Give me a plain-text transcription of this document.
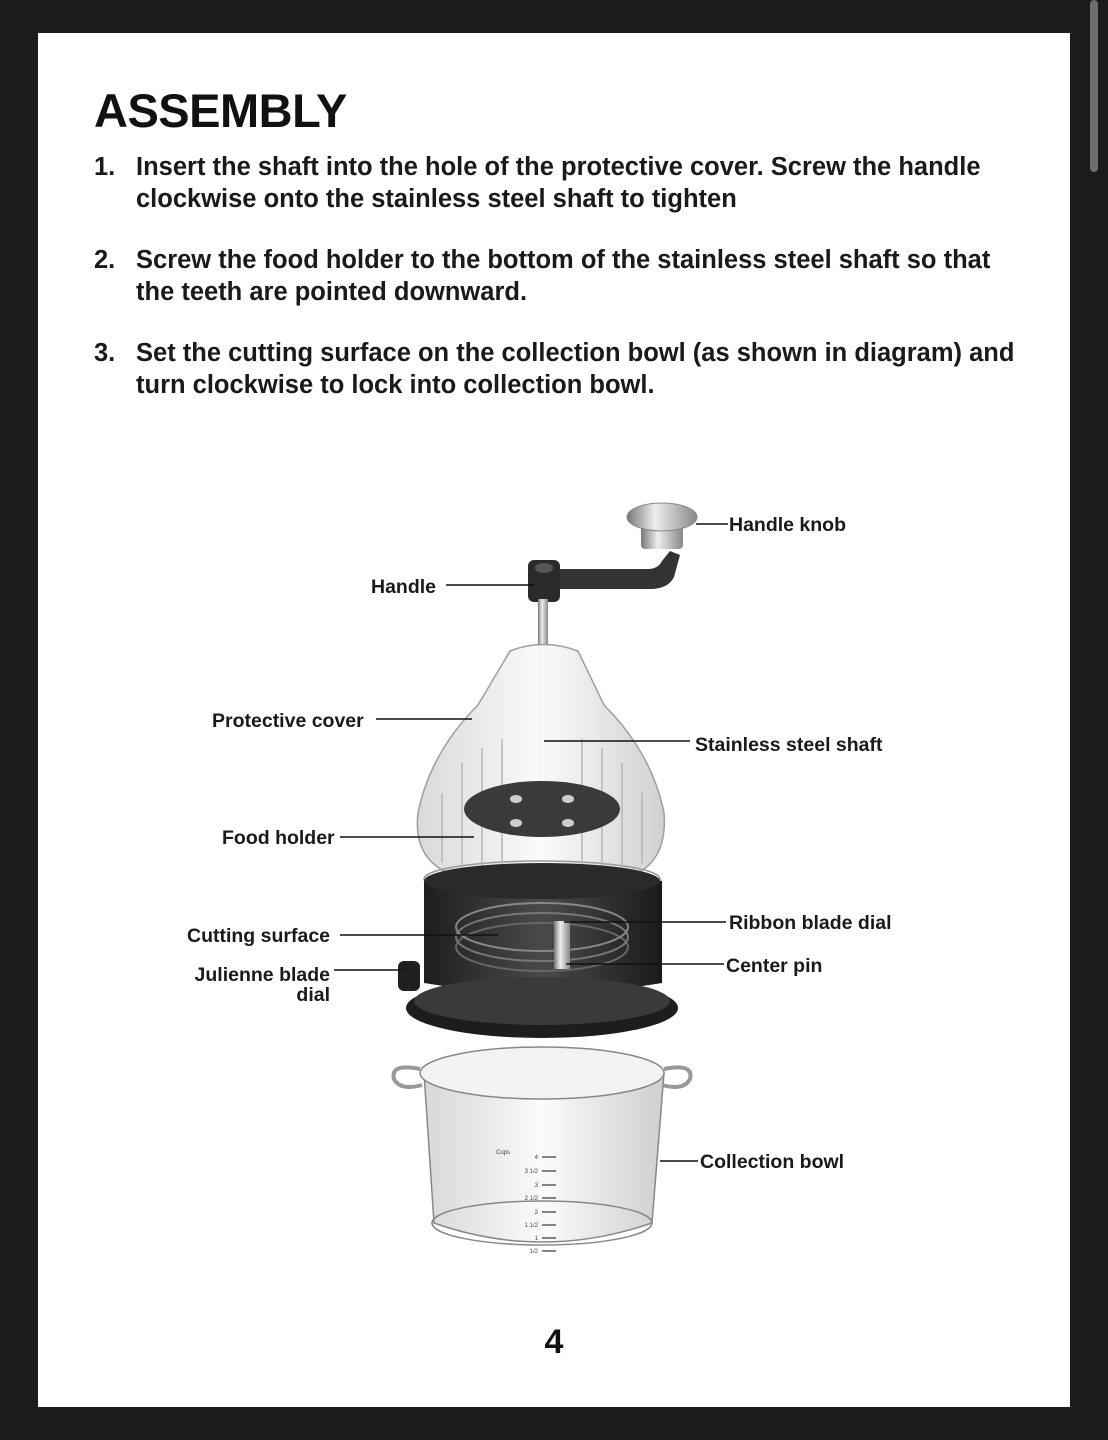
ASSEMBLY
1. Insert the shaft into the hole of the protective cover. Screw the handle clockwise onto the stainless steel shaft to tighten
2. Screw the food holder to the bottom of the stainless steel shaft so that the teeth are pointed downward.
3. Set the cutting surface on the collection bowl (as shown in diagram) and turn clockwise to lock into collection bowl.
Cups
4
3 1/2
3
2 1/2
2
1 1/2
1
1/2
Handle knob
Handle
Protective cover
Stainless steel shaft
Food holder
Cutting surface
Ribbon blade dial
Julienne blade
dial
Center pin
Collection bowl
4
